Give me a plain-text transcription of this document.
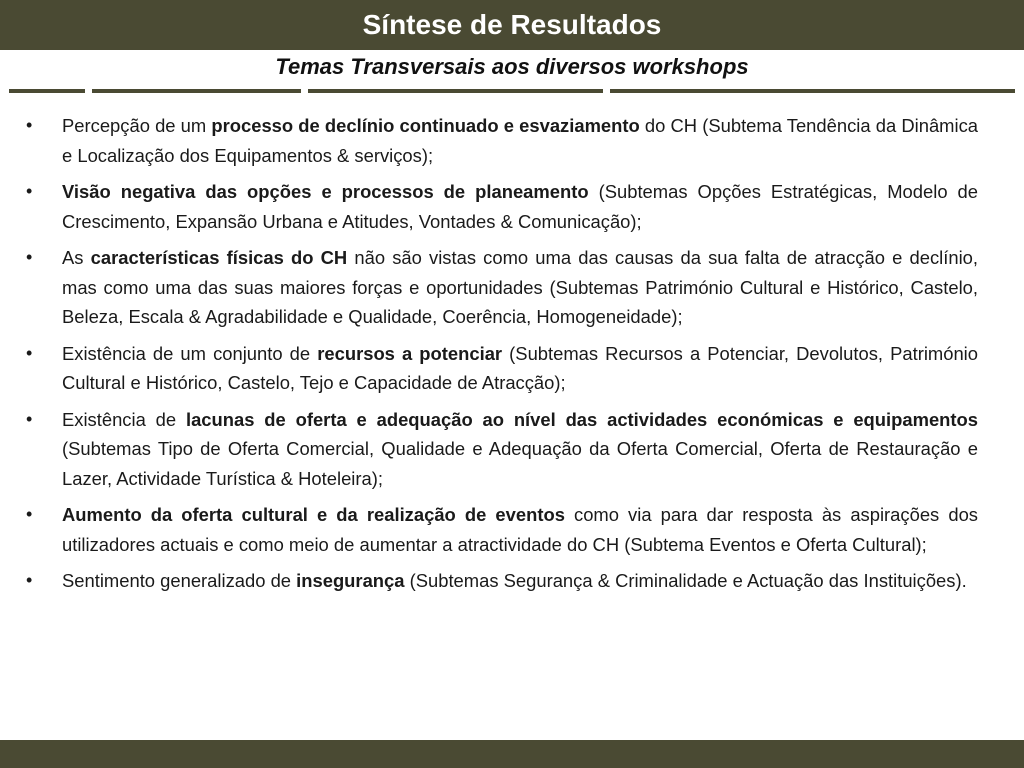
Síntese de Resultados
Temas Transversais aos diversos workshops
• Percepção de um processo de declínio continuado e esvaziamento do CH (Subtema Tendência da Dinâmica e Localização dos Equipamentos & serviços);
• Visão negativa das opções e processos de planeamento (Subtemas Opções Estratégicas, Modelo de Crescimento, Expansão Urbana e Atitudes, Vontades & Comunicação);
• As características físicas do CH não são vistas como uma das causas da sua falta de atracção e declínio, mas como uma das suas maiores forças e oportunidades (Subtemas Património Cultural e Histórico, Castelo, Beleza, Escala & Agradabilidade e Qualidade, Coerência, Homogeneidade);
• Existência de um conjunto de recursos a potenciar (Subtemas Recursos a Potenciar, Devolutos, Património Cultural e Histórico, Castelo, Tejo e Capacidade de Atracção);
• Existência de lacunas de oferta e adequação ao nível das actividades económicas e equipamentos (Subtemas Tipo de Oferta Comercial, Qualidade e Adequação da Oferta Comercial, Oferta de Restauração e Lazer, Actividade Turística & Hoteleira);
• Aumento da oferta cultural e da realização de eventos como via para dar resposta às aspirações dos utilizadores actuais e como meio de aumentar a atractividade do CH (Subtema Eventos e Oferta Cultural);
• Sentimento generalizado de insegurança (Subtemas Segurança & Criminalidade e Actuação das Instituições).
